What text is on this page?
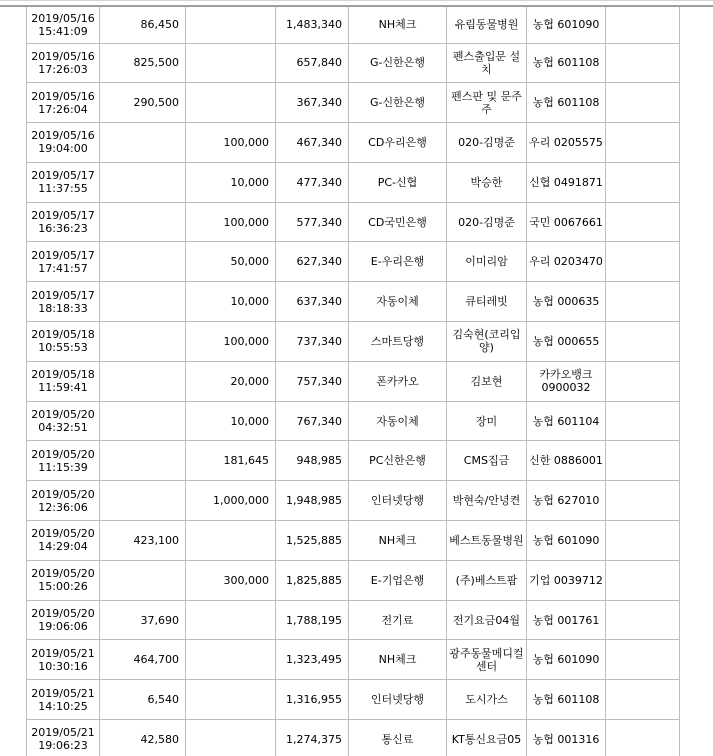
2019/05/16
15:41:09	86,450		1,483,340	NH체크	유림동물병원	농협 601090	

2019/05/16
17:26:03	825,500		657,840	G-신한은행	펜스출입문 설치	농협 601108	

2019/05/16
17:26:04	290,500		367,340	G-신한은행	펜스판 및 문주주	농협 601108	

2019/05/16
19:04:00		100,000	467,340	CD우리은행	020-김명준	우리 0205575	

2019/05/17
11:37:55		10,000	477,340	PC-신협	박승한	신협 0491871	

2019/05/17
16:36:23		100,000	577,340	CD국민은행	020-김명준	국민 0067661	

2019/05/17
17:41:57		50,000	627,340	E-우리은행	이미리암	우리 0203470	

2019/05/17
18:18:33		10,000	637,340	자동이체	큐티레빗	농협 000635	

2019/05/18
10:55:53		100,000	737,340	스마트당행	김숙현(코리입양)	농협 000655	

2019/05/18
11:59:41		20,000	757,340	폰카카오	김보현	카카오뱅크 0900032	

2019/05/20
04:32:51		10,000	767,340	자동이체	장미	농협 601104	

2019/05/20
11:15:39		181,645	948,985	PC신한은행	CMS집금	신한 0886001	

2019/05/20
12:36:06		1,000,000	1,948,985	인터넷당행	박현숙/안녕켠	농협 627010	

2019/05/20
14:29:04	423,100		1,525,885	NH체크	베스트동물병원	농협 601090	

2019/05/20
15:00:26		300,000	1,825,885	E-기업은행	(주)베스트팜	기업 0039712	

2019/05/20
19:06:06	37,690		1,788,195	전기료	전기요금04월	농협 001761	

2019/05/21
10:30:16	464,700		1,323,495	NH체크	광주동물메디컬센터	농협 601090	

2019/05/21
14:10:25	6,540		1,316,955	인터넷당행	도시가스	농협 601108	

2019/05/21
19:06:23	42,580		1,274,375	통신료	KT통신요금05	농협 001316	
